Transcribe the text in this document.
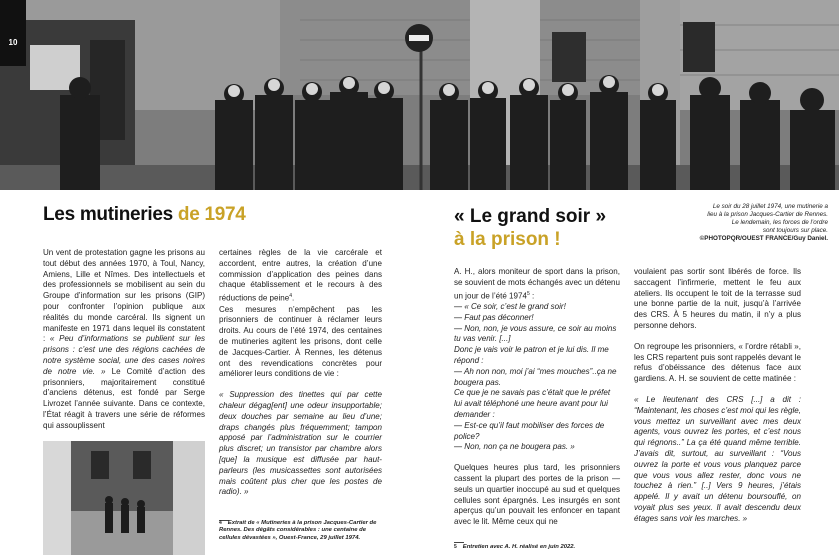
10
Les mutineries de 1974	« Le grand soir »
à la prison !
Le soir du 28 juillet 1974, une mutinerie a
lieu à la prison Jacques-Cartier de Rennes.
Le lendemain, les forces de l’ordre
sont toujours sur place.
©PHOTOPQR/OUEST FRANCE/Guy Daniel.

Un vent de protestation gagne les prisons au tout début des années 1970, à Toul, Nancy, Amiens, Lille et Nîmes. Des intellectuels et des professionnels se mobilisent au sein du Groupe d’information sur les prisons (GIP) pour confronter l’opinion publique aux réalités du monde carcéral. Ils signent un manifeste en 1971 dans lequel ils constatent : « Peu d’informations se publient sur les prisons : c’est une des régions cachées de notre système social, une des cases noires de notre vie. » Le Comité d’action des prisonniers, majoritairement constitué d’anciens détenus, est fondé par Serge Livrozet l’année suivante. Dans ce contexte, l’État réagit à travers une série de réformes qui assouplissent

certaines règles de la vie carcérale et accordent, entre autres, la création d’une commission d’application des peines dans chaque établissement et le recours à des réductions de peine$^4$.

Ces mesures n’empêchent pas les prisonniers de continuer à réclamer leurs droits. Au cours de l’été 1974, des centaines de mutineries agitent les prisons, dont celle de Jacques-Cartier. À Rennes, les détenus ont des revendications concrètes pour améliorer leurs conditions de vie :

« Suppression des tinettes qui par cette chaleur dégag[ent] une odeur insupportable; deux douches par semaine au lieu d’une; draps changés plus fréquemment; tampon apposé par l’administration sur le courrier plus discret; un transistor par chambre alors [que] la musique est diffusée par haut-parleurs (les musicassettes sont autorisées mais coûtent plus cher que les postes de radio). »

$^4$ Extrait de « Mutineries à la prison Jacques-Cartier de Rennes. Des dégâts considérables : une centaine de cellules dévastées », Ouest-France, 29 juillet 1974.

A. H., alors moniteur de sport dans la prison, se souvient de mots échangés avec un détenu un jour de l’été 1974$^5$ :

— « Ce soir, c’est le grand soir!
— Faut pas déconner!
— Non, non, je vous assure, ce soir au moins tu vas venir. [...]
Donc je vais voir le patron et je lui dis. Il me répond :
— Ah non non, moi j’ai “mes mouches”..ça ne bougera pas.
Ce que je ne savais pas c’était que le préfet lui avait téléphoné une heure avant pour lui demander :
— Est-ce qu’il faut mobiliser des forces de police?
— Non, non ça ne bougera pas. »

Quelques heures plus tard, les prisonniers cassent la plupart des portes de la prison — seuls un quartier inoccupé au sud et quelques cellules sont épargnés. Les insurgés en sont aperçus qu’un pouvait les enfoncer en tapant avec le lit. Même ceux qui ne

$^5$ Entretien avec A. H. réalisé en juin 2022.

voulaient pas sortir sont libérés de force. Ils saccagent l’infirmerie, mettent le feu aux ateliers. Ils occupent le toit de la terrasse sud une bonne partie de la nuit, jusqu’à l’arrivée des CRS. À 5 heures du matin, il n’y a plus personne dehors.

On regroupe les prisonniers, « l’ordre rétabli », les CRS repartent puis sont rappelés devant le refus d’obéissance des détenus face aux gardiens. A. H. se souvient de cette matinée :

« Le lieutenant des CRS [...] a dit : “Maintenant, les choses c’est moi qui les règle, vous mettez un surveillant avec mes deux agents, vous ouvrez les portes, et c’est nous qui régnons..” La ça été quand même terrible. J’avais dit, surtout, au surveillant : “Vous ouvrez la porte et vous vous planquez parce que vous vous allez rester, donc vous ne touchez à rien.” [..] Vers 9 heures, j’étais appelé. Il y avait un détenu boursouflé, on voyait plus ses yeux. Il avait descendu deux étages sans voir les marches. »
